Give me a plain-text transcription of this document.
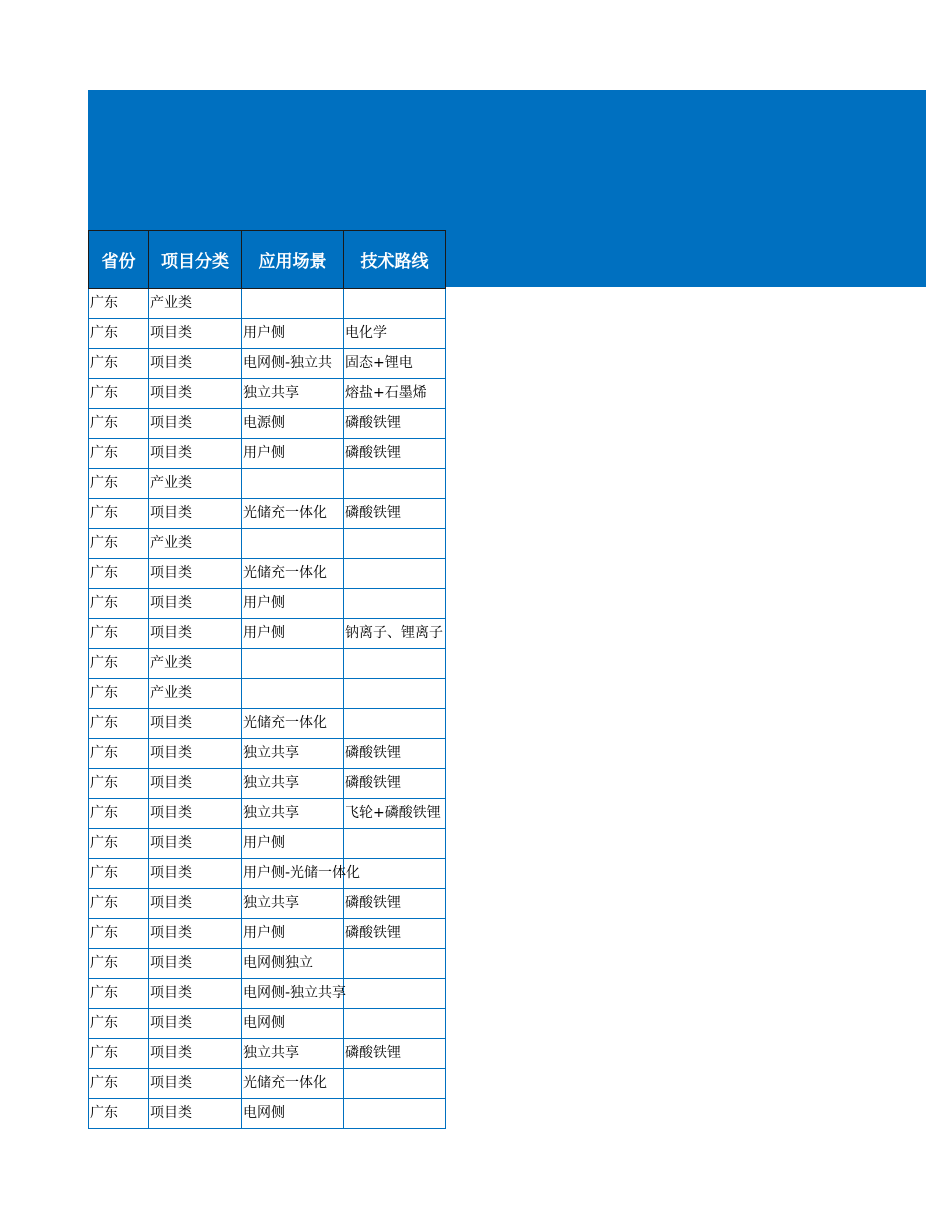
省份	项目分类	应用场景	技术路线
广东	产业类		
广东	项目类	用户侧	电化学
广东	项目类	电网侧-独立共	固态+锂电
广东	项目类	独立共享	熔盐+石墨烯
广东	项目类	电源侧	磷酸铁锂
广东	项目类	用户侧	磷酸铁锂
广东	产业类		
广东	项目类	光储充一体化	磷酸铁锂
广东	产业类		
广东	项目类	光储充一体化	
广东	项目类	用户侧	
广东	项目类	用户侧	钠离子、锂离子
广东	产业类		
广东	产业类		
广东	项目类	光储充一体化	
广东	项目类	独立共享	磷酸铁锂
广东	项目类	独立共享	磷酸铁锂
广东	项目类	独立共享	飞轮+磷酸铁锂
广东	项目类	用户侧	
广东	项目类	用户侧-光储一体化	
广东	项目类	独立共享	磷酸铁锂
广东	项目类	用户侧	磷酸铁锂
广东	项目类	电网侧独立	
广东	项目类	电网侧-独立共享	
广东	项目类	电网侧	
广东	项目类	独立共享	磷酸铁锂
广东	项目类	光储充一体化	
广东	项目类	电网侧	
